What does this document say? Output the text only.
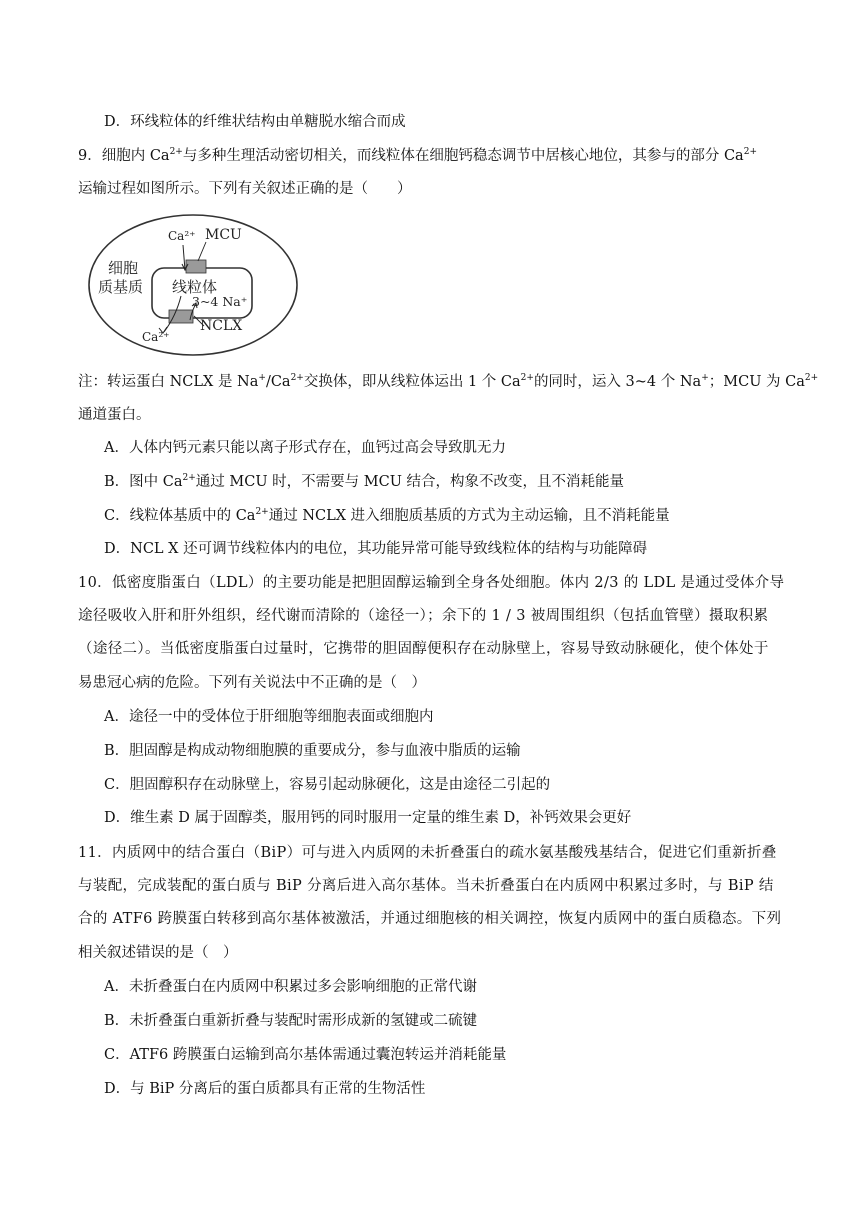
D．环线粒体的纤维状结构由单糖脱水缩合而成
9．细胞内 $Ca^{2+}$与多种生理活动密切相关，而线粒体在细胞钙稳态调节中居核心地位，其参与的部分 $Ca^{2+}$
运输过程如图所示。下列有关叙述正确的是（　　）
Ca²⁺ MCU
细胞
质基质 线粒体
3~4 Na⁺
NCLX
Ca²⁺
注：转运蛋白 NCLX 是 $Na^+/Ca^{2+}$交换体，即从线粒体运出 1 个 $Ca^{2+}$的同时，运入 3~4 个 Na+；MCU 为 $Ca^{2+}$
通道蛋白。
A．人体内钙元素只能以离子形式存在，血钙过高会导致肌无力
B．图中 $Ca^{2+}$通过 MCU 时，不需要与 MCU 结合，构象不改变，且不消耗能量
C．线粒体基质中的 $Ca^{2+}$通过 NCLX 进入细胞质基质的方式为主动运输，且不消耗能量
D．NCL X 还可调节线粒体内的电位，其功能异常可能导致线粒体的结构与功能障碍
10．低密度脂蛋白（LDL）的主要功能是把胆固醇运输到全身各处细胞。体内 2/3 的 LDL 是通过受体介导
途径吸收入肝和肝外组织，经代谢而清除的（途径一）；余下的 1 / 3 被周围组织（包括血管壁）摄取积累
（途径二）。当低密度脂蛋白过量时，它携带的胆固醇便积存在动脉壁上，容易导致动脉硬化，使个体处于
易患冠心病的危险。下列有关说法中不正确的是（　）
A．途径一中的受体位于肝细胞等细胞表面或细胞内
B．胆固醇是构成动物细胞膜的重要成分，参与血液中脂质的运输
C．胆固醇积存在动脉壁上，容易引起动脉硬化，这是由途径二引起的
D．维生素 D 属于固醇类，服用钙的同时服用一定量的维生素 D，补钙效果会更好
11．内质网中的结合蛋白（BiP）可与进入内质网的未折叠蛋白的疏水氨基酸残基结合，促进它们重新折叠
与装配，完成装配的蛋白质与 BiP 分离后进入高尔基体。当未折叠蛋白在内质网中积累过多时，与 BiP 结
合的 ATF6 跨膜蛋白转移到高尔基体被激活，并通过细胞核的相关调控，恢复内质网中的蛋白质稳态。下列
相关叙述错误的是（　）
A．未折叠蛋白在内质网中积累过多会影响细胞的正常代谢
B．未折叠蛋白重新折叠与装配时需形成新的氢键或二硫键
C．ATF6 跨膜蛋白运输到高尔基体需通过囊泡转运并消耗能量
D．与 BiP 分离后的蛋白质都具有正常的生物活性
